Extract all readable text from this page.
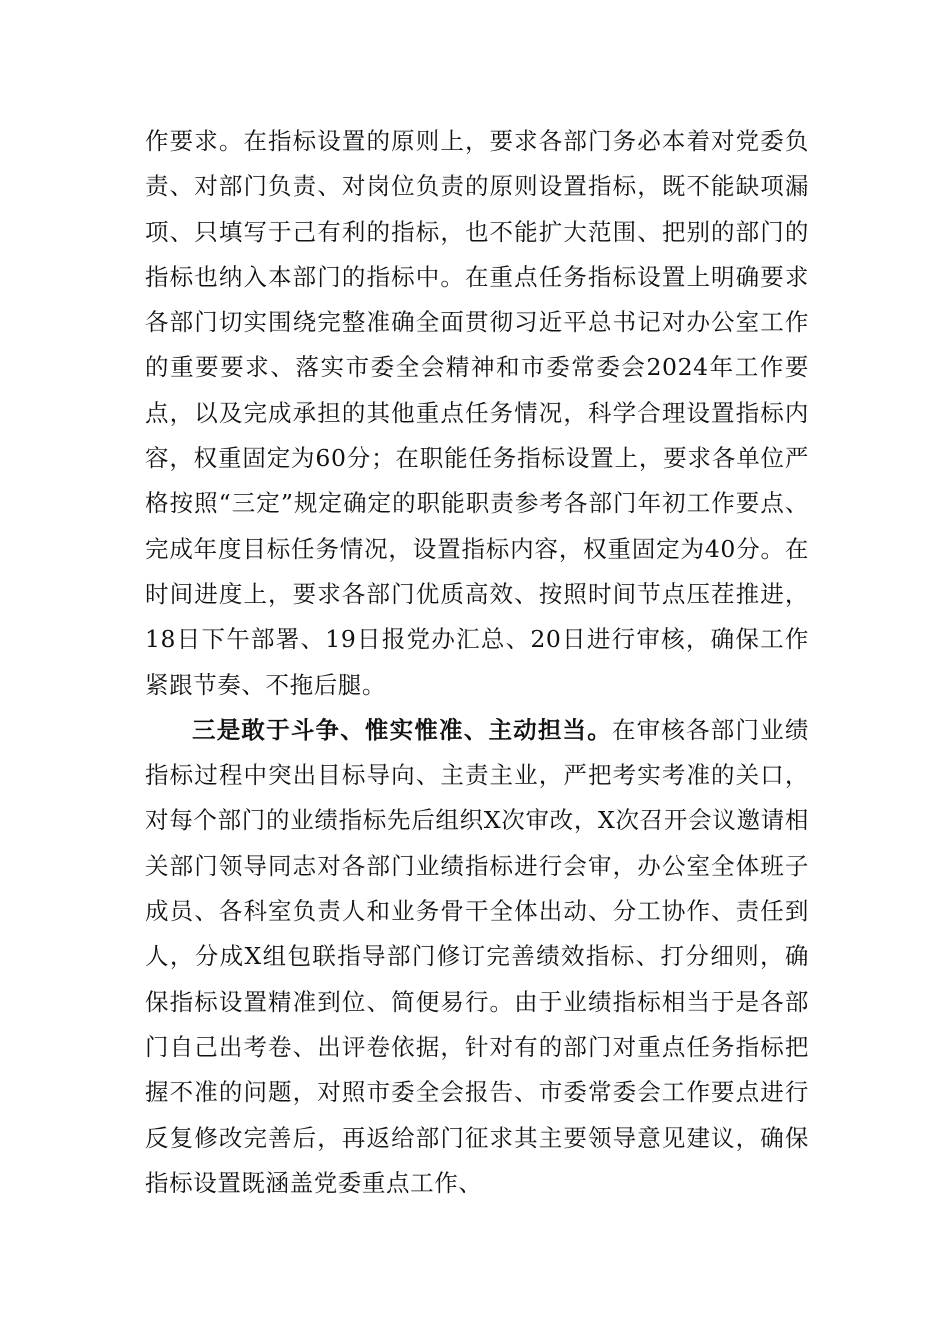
作要求。在指标设置的原则上，要求各部门务必本着对党委负责、对部门负责、对岗位负责的原则设置指标，既不能缺项漏项、只填写于己有利的指标，也不能扩大范围、把别的部门的指标也纳入本部门的指标中。在重点任务指标设置上明确要求各部门切实围绕完整准确全面贯彻习近平总书记对办公室工作的重要要求、落实市委全会精神和市委常委会2024年工作要点，以及完成承担的其他重点任务情况，科学合理设置指标内容，权重固定为60分；在职能任务指标设置上，要求各单位严格按照“三定”规定确定的职能职责参考各部门年初工作要点、完成年度目标任务情况，设置指标内容，权重固定为40分。在时间进度上，要求各部门优质高效、按照时间节点压茬推进，18日下午部署、19日报党办汇总、20日进行审核，确保工作紧跟节奏、不拖后腿。

三是敢于斗争、惟实惟准、主动担当。在审核各部门业绩指标过程中突出目标导向、主责主业，严把考实考准的关口，对每个部门的业绩指标先后组织X次审改，X次召开会议邀请相关部门领导同志对各部门业绩指标进行会审，办公室全体班子成员、各科室负责人和业务骨干全体出动、分工协作、责任到人，分成X组包联指导部门修订完善绩效指标、打分细则，确保指标设置精准到位、简便易行。由于业绩指标相当于是各部门自己出考卷、出评卷依据，针对有的部门对重点任务指标把握不准的问题，对照市委全会报告、市委常委会工作要点进行反复修改完善后，再返给部门征求其主要领导意见建议，确保指标设置既涵盖党委重点工作、
